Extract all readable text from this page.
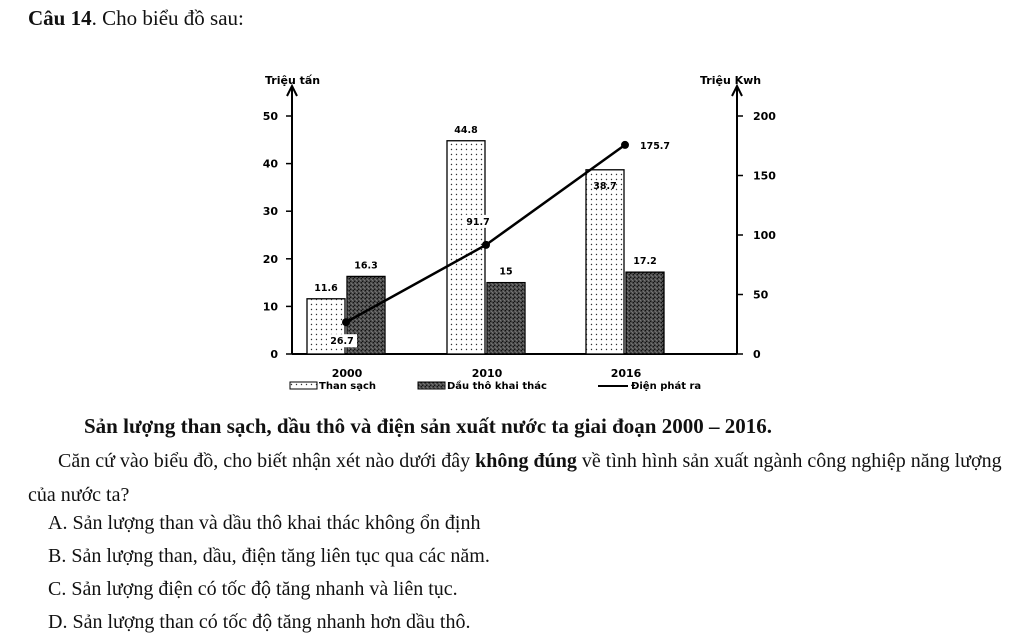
Câu 14. Cho biểu đồ sau:
Triệu tấn	Triệu Kwh
0
10
20
30
40
50
0
50
100
150
200
2000	2010	2016
11.6
44.8
38.7
16.3
15
17.2
26.7
91.7
175.7
Than sạch	Dầu thô khai thác	Điện phát ra
Sản lượng than sạch, dầu thô và điện sản xuất nước ta giai đoạn 2000 – 2016.
Căn cứ vào biểu đồ, cho biết nhận xét nào dưới đây không đúng về tình hình sản xuất ngành công nghiệp năng lượng của nước ta?
A. Sản lượng than và dầu thô khai thác không ổn định
B. Sản lượng than, dầu, điện tăng liên tục qua các năm.
C. Sản lượng điện có tốc độ tăng nhanh và liên tục.
D. Sản lượng than có tốc độ tăng nhanh hơn dầu thô.
